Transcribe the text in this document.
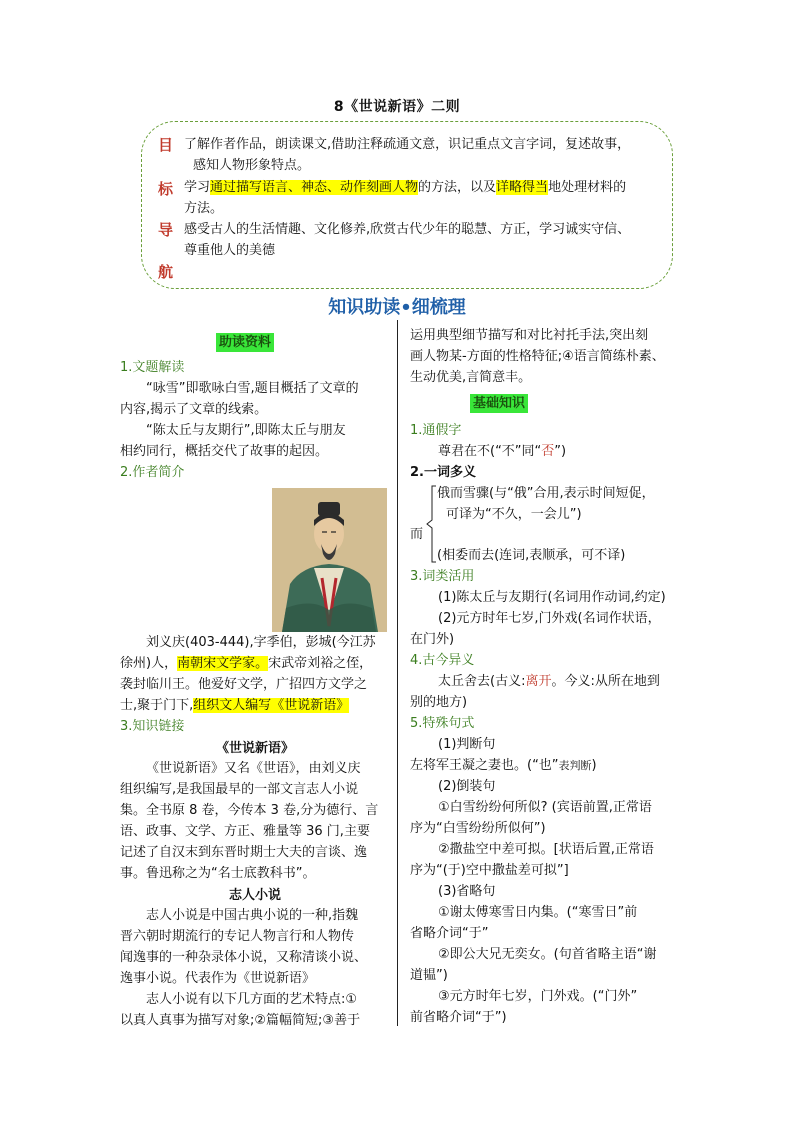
8《世说新语》二则
目
标
导
航
了解作者作品，朗读课文,借助注释疏通文意，识记重点文言字词，复述故事，
感知人物形象特点。
学习通过描写语言、神态、动作刻画人物的方法，以及详略得当地处理材料的
方法。
感受古人的生活情趣、文化修养,欣赏古代少年的聪慧、方正，学习诚实守信、
尊重他人的美德
知识助读•细梳理
助读资料
1.文题解读
“咏雪”即歌咏白雪,题目概括了文章的
内容,揭示了文章的线索。
“陈太丘与友期行”,即陈太丘与朋友
相约同行，概括交代了故事的起因。
2.作者简介
刘义庆(403-444),字季伯，彭城(今江苏
徐州)人，南朝宋文学家。宋武帝刘裕之侄，
袭封临川王。他爱好文学，广招四方文学之
士,聚于门下,组织文人编写《世说新语》
3.知识链接
《世说新语》
《世说新语》又名《世语》，由刘义庆
组织编写,是我国最早的一部文言志人小说
集。全书原 8 卷，今传本 3 卷,分为德行、言
语、政事、文学、方正、雅量等 36 门,主要
记述了自汉末到东晋时期士大夫的言谈、逸
事。鲁迅称之为“名士底教科书”。
志人小说
志人小说是中国古典小说的一种,指魏
晋六朝时期流行的专记人物言行和人物传
闻逸事的一种杂录体小说，又称清谈小说、
逸事小说。代表作为《世说新语》
志人小说有以下几方面的艺术特点:①
以真人真事为描写对象;②篇幅简短;③善于
运用典型细节描写和对比衬托手法,突出刻
画人物某-方面的性格特征;④语言简练朴素、
生动优美,言简意丰。
基础知识
1.通假字
尊君在不(“不”同“否”)
2.一词多义
俄而雪骤(与“俄”合用,表示时间短促，
可译为“不久，一会儿”)
而
(相委而去(连词,表顺承，可不译)
3.词类活用
(1)陈太丘与友期行(名词用作动词,约定)
(2)元方时年七岁,门外戏(名词作状语，
在门外)
4.古今异义
太丘舍去(古义:离开。今义:从所在地到
别的地方)
5.特殊句式
(1)判断句
左将军王凝之妻也。(“也”表判断)
(2)倒装句
①白雪纷纷何所似? (宾语前置,正常语
序为“白雪纷纷所似何”)
②撒盐空中差可拟。[状语后置,正常语
序为“(于)空中撒盐差可拟”]
(3)省略句
①谢太傅寒雪日内集。(“寒雪日”前
省略介词“于”
②即公大兄无奕女。(句首省略主语“谢
道韫”)
③元方时年七岁，门外戏。(“门外”
前省略介词“于”)
